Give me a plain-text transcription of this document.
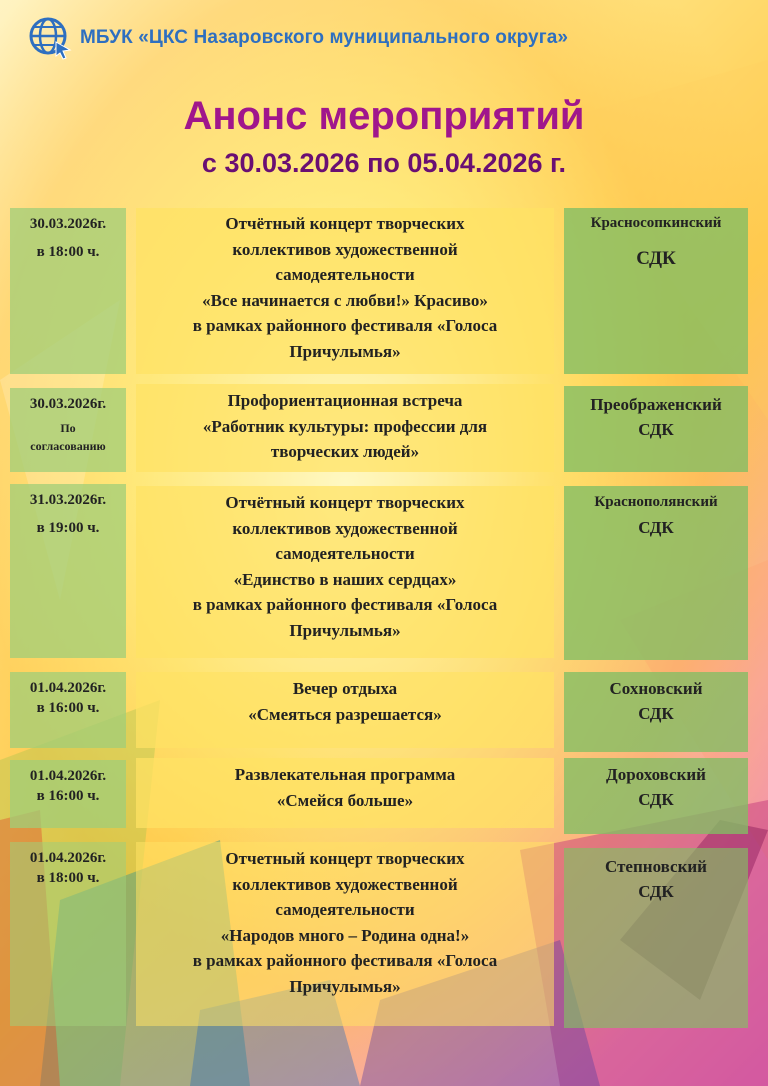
МБУК «ЦКС Назаровского муниципального округа»
Анонс мероприятий
с 30.03.2026 по 05.04.2026 г.
30.03.2026г.
в 18:00 ч.
Отчётный концерт творческих
коллективов художественной
самодеятельности
«Все начинается с любви!» Красиво»
в рамках районного фестиваля «Голоса
Причулымья»
Красносопкинский
СДК
30.03.2026г.
По
согласованию
Профориентационная встреча
«Работник культуры: профессии для
творческих людей»
Преображенский
СДК
31.03.2026г.
в 19:00 ч.
Отчётный концерт творческих
коллективов художественной
самодеятельности
«Единство в наших сердцах»
в рамках районного фестиваля «Голоса
Причулымья»
Краснополянский
СДК
01.04.2026г.
в 16:00 ч.
Вечер отдыха
«Смеяться разрешается»
Сохновский
СДК
01.04.2026г.
в 16:00 ч.
Развлекательная программа
«Смейся больше»
Дороховский
СДК
01.04.2026г.
в 18:00 ч.
Отчетный концерт творческих
коллективов художественной
самодеятельности
«Народов много – Родина одна!»
в рамках районного фестиваля «Голоса
Причулымья»
Степновский
СДК
